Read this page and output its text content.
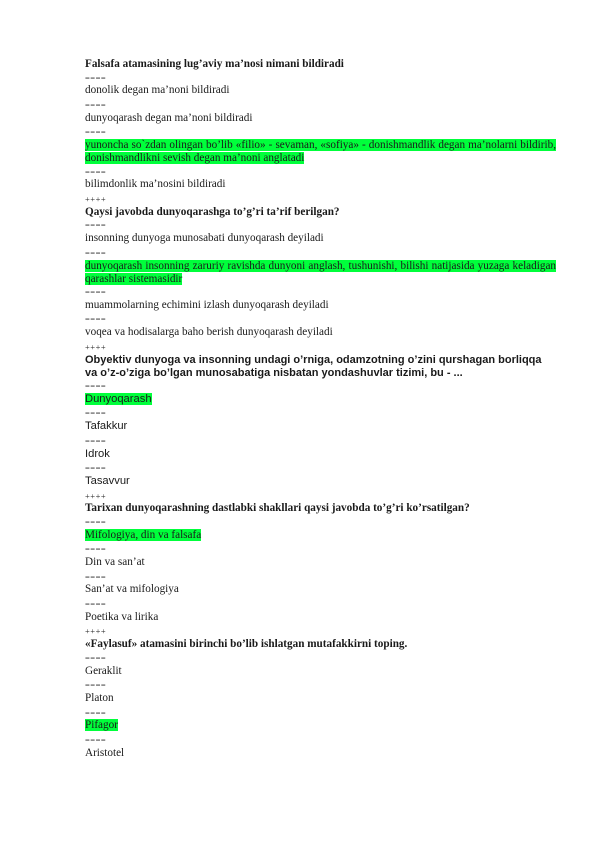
Falsafa atamasining lug’aviy ma’nosi nimani bildiradi
====
donolik degan ma’noni bildiradi
====
dunyoqarash degan ma’noni bildiradi
====
yunoncha so`zdan olingan bo’lib «filio» - sevaman, «sofiya» - donishmandlik degan ma’nolarni bildirib, donishmandlikni sevish degan ma’noni anglatadi
====
bilimdonlik ma’nosini bildiradi
++++
Qaysi javobda dunyoqarashga to’g’ri ta’rif berilgan?
====
insonning dunyoga munosabati dunyoqarash deyiladi
====
dunyoqarash insonning zaruriy ravishda dunyoni anglash, tushunishi, bilishi natijasida yuzaga keladigan qarashlar sistemasidir
====
muammolarning echimini izlash dunyoqarash deyiladi
====
voqea va hodisalarga baho berish dunyoqarash deyiladi
++++
Obyektiv dunyoga va insonning undagi o’rniga, odamzotning o’zini qurshagan borliqqa va o’z-o’ziga bo’lgan munosabatiga nisbatan yondashuvlar tizimi, bu - ...
====
Dunyoqarash
====
Tafakkur
====
Idrok
====
Tasavvur
++++
Tarixan dunyoqarashning dastlabki shakllari qaysi javobda to’g’ri ko’rsatilgan?
====
Mifologiya, din va falsafa
====
Din va san’at
====
San’at va mifologiya
====
Poetika va lirika
++++
«Faylasuf» atamasini birinchi bo’lib ishlatgan mutafakkirni toping.
====
Geraklit
====
Platon
====
Pifagor
====
Aristotel
